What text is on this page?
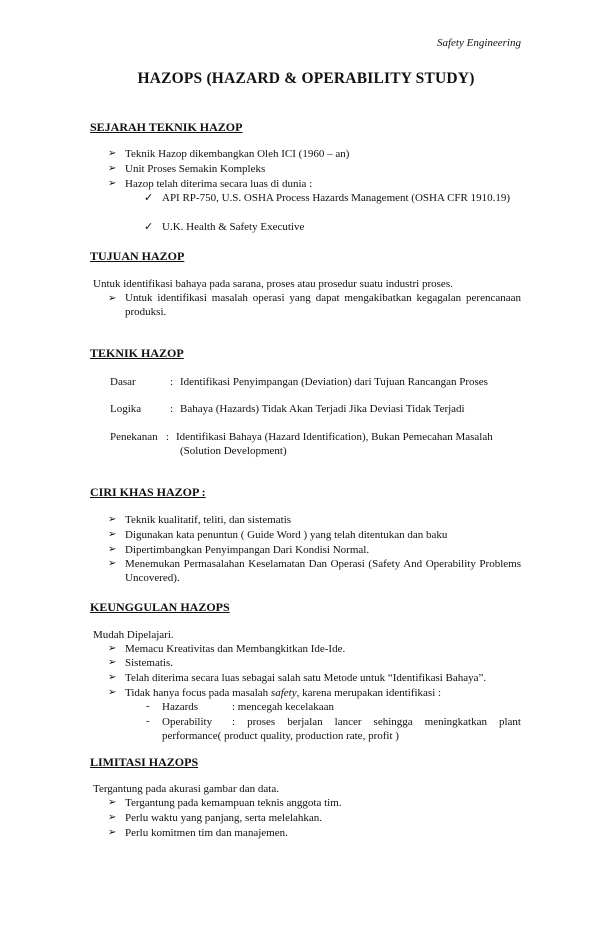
Safety Engineering
HAZOPS (HAZARD & OPERABILITY STUDY)
SEJARAH TEKNIK HAZOP
➢ Teknik Hazop dikembangkan Oleh ICI (1960 – an)
➢ Unit Proses Semakin Kompleks
➢ Hazop telah diterima secara luas di dunia :
✓ API RP-750, U.S. OSHA Process Hazards Management (OSHA CFR 1910.19)
✓ U.K. Health & Safety Executive
TUJUAN HAZOP
Untuk identifikasi bahaya pada sarana, proses atau prosedur suatu industri proses.
➢ Untuk identifikasi masalah operasi yang dapat mengakibatkan kegagalan perencanaan produksi.
TEKNIK HAZOP
Dasar	: Identifikasi Penyimpangan (Deviation) dari Tujuan Rancangan Proses
Logika	: Bahaya (Hazards) Tidak Akan Terjadi Jika Deviasi Tidak Terjadi
Penekanan : Identifikasi Bahaya (Hazard Identification), Bukan Pemecahan Masalah
(Solution Development)
CIRI KHAS HAZOP :
➢ Teknik kualitatif, teliti, dan sistematis
➢ Digunakan kata penuntun ( Guide Word ) yang telah ditentukan dan baku
➢ Dipertimbangkan Penyimpangan Dari Kondisi Normal.
➢ Menemukan Permasalahan Keselamatan Dan Operasi (Safety And Operability Problems Uncovered).
KEUNGGULAN HAZOPS
Mudah Dipelajari.
➢ Memacu Kreativitas dan Membangkitkan Ide-Ide.
➢ Sistematis.
➢ Telah diterima secara luas sebagai salah satu Metode untuk “Identifikasi Bahaya”.
➢ Tidak hanya focus pada masalah safety, karena merupakan identifikasi :
- Hazards	: mencegah kecelakaan
- Operability	: proses berjalan lancer sehingga meningkatkan plant performance( product quality, production rate, profit )
LIMITASI HAZOPS
Tergantung pada akurasi gambar dan data.
➢ Tergantung pada kemampuan teknis anggota tim.
➢ Perlu waktu yang panjang, serta melelahkan.
➢ Perlu komitmen tim dan manajemen.
